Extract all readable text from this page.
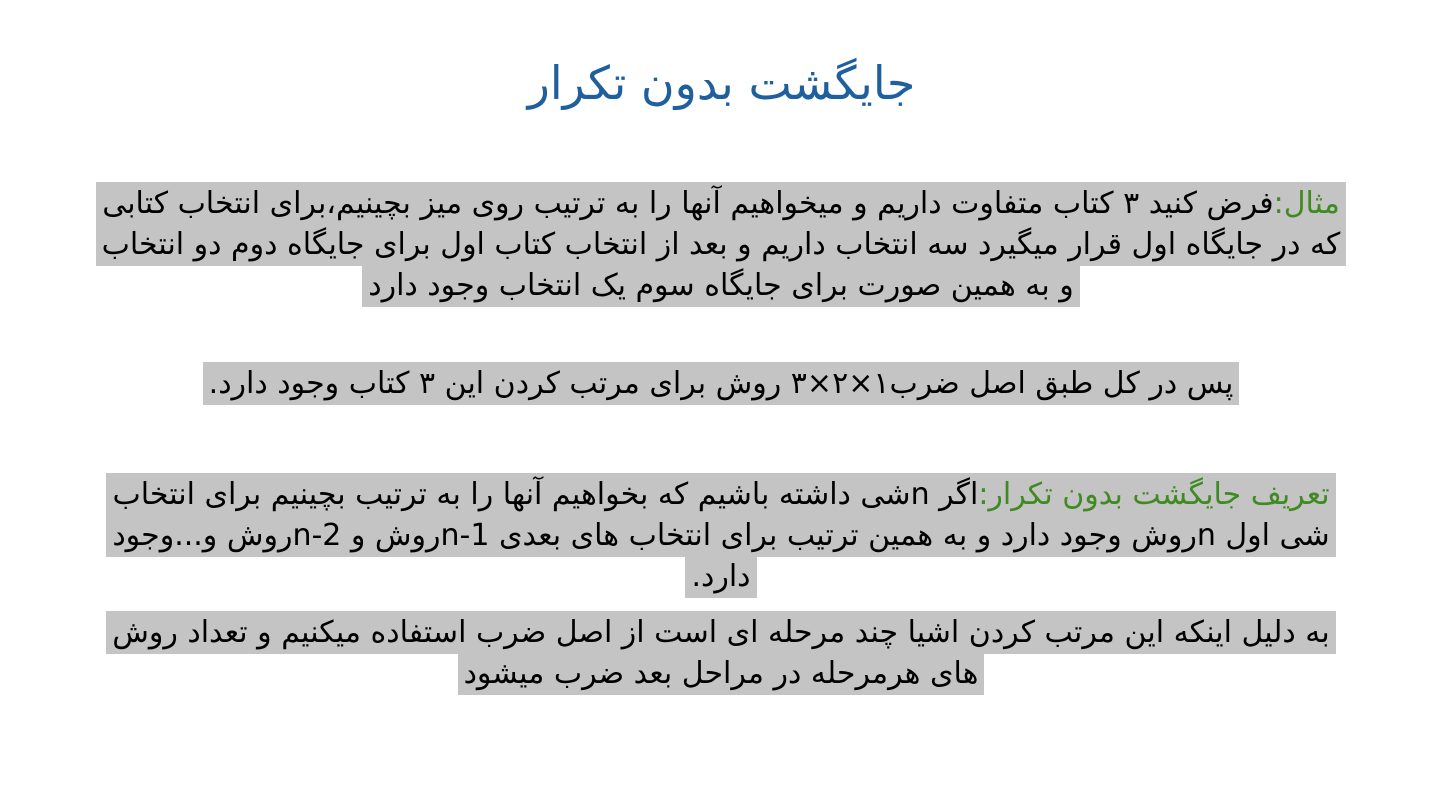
جایگشت بدون تکرار
مثال:فرض کنید ۳ کتاب متفاوت داریم و میخواهیم آنها را به ترتیب روی میز بچینیم،برای انتخاب کتابی که در جایگاه اول قرار میگیرد سه انتخاب داریم و بعد از انتخاب کتاب اول برای جایگاه دوم دو انتخاب و به همین صورت برای جایگاه سوم یک انتخاب وجود دارد
پس در کل طبق اصل ضرب۱×۲×۳ روش برای مرتب کردن این ۳ کتاب وجود دارد.
تعریف جایگشت بدون تکرار:اگر nشی داشته باشیم که بخواهیم آنها را به ترتیب بچینیم برای انتخاب شی اول nروش وجود دارد و به همین ترتیب برای انتخاب های بعدی n-1روش و n-2روش و...وجود دارد.
به دلیل اینکه این مرتب کردن اشیا چند مرحله ای است از اصل ضرب استفاده میکنیم و تعداد روش های هرمرحله در مراحل بعد ضرب میشود
